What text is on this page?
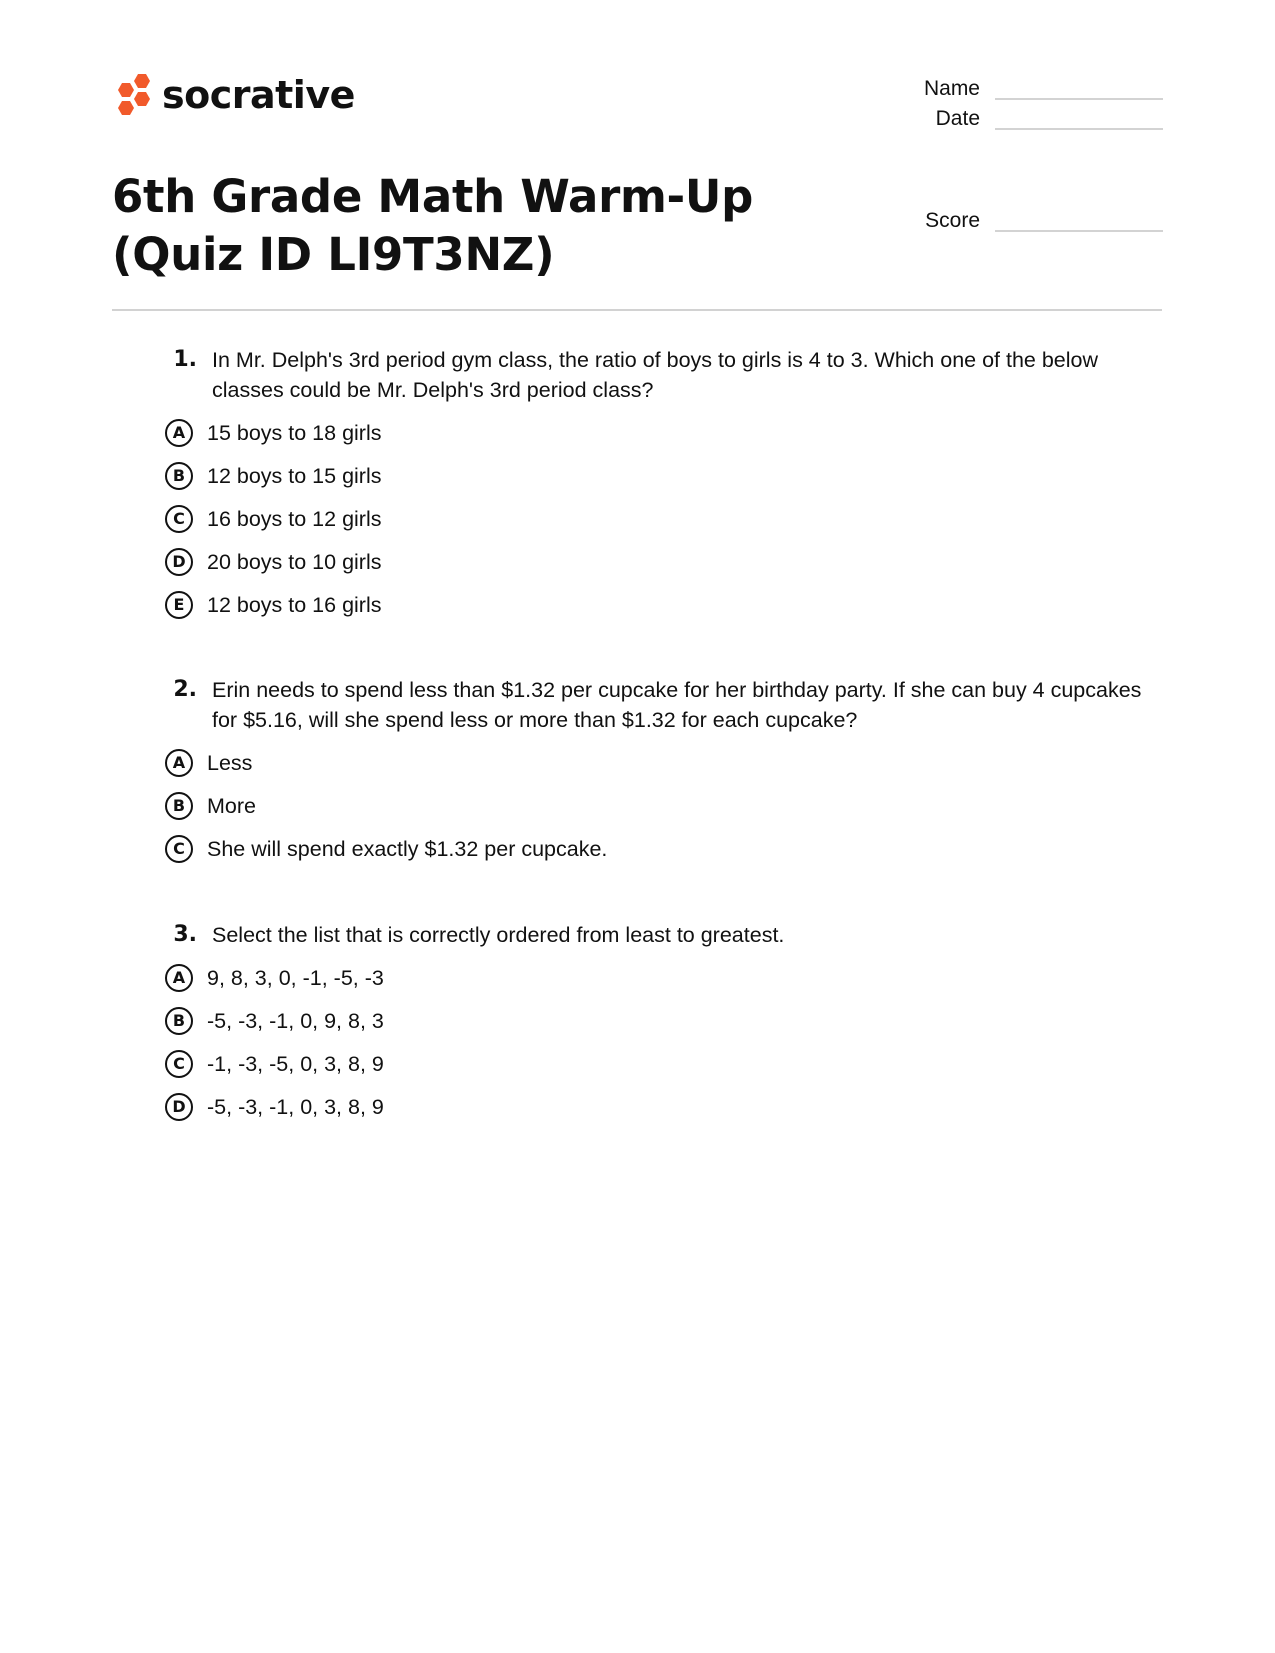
socrative	Name
Date
Score
6th Grade Math Warm-Up (Quiz ID LI9T3NZ)
1. In Mr. Delph's 3rd period gym class, the ratio of boys to girls is 4 to 3. Which one of the below classes could be Mr. Delph's 3rd period class?
A	15 boys to 18 girls
B	12 boys to 15 girls
C	16 boys to 12 girls
D 20 boys to 10 girls
E	12 boys to 16 girls
2. Erin needs to spend less than $1.32 per cupcake for her birthday party. If she can buy 4 cupcakes for $5.16, will she spend less or more than $1.32 for each cupcake?
A	Less
B	More
C	She will spend exactly $1.32 per cupcake.
3. Select the list that is correctly ordered from least to greatest.
A	9, 8, 3, 0, -1, -5, -3
B	-5, -3, -1, 0, 9, 8, 3
C	-1, -3, -5, 0, 3, 8, 9
D -5, -3, -1, 0, 3, 8, 9
